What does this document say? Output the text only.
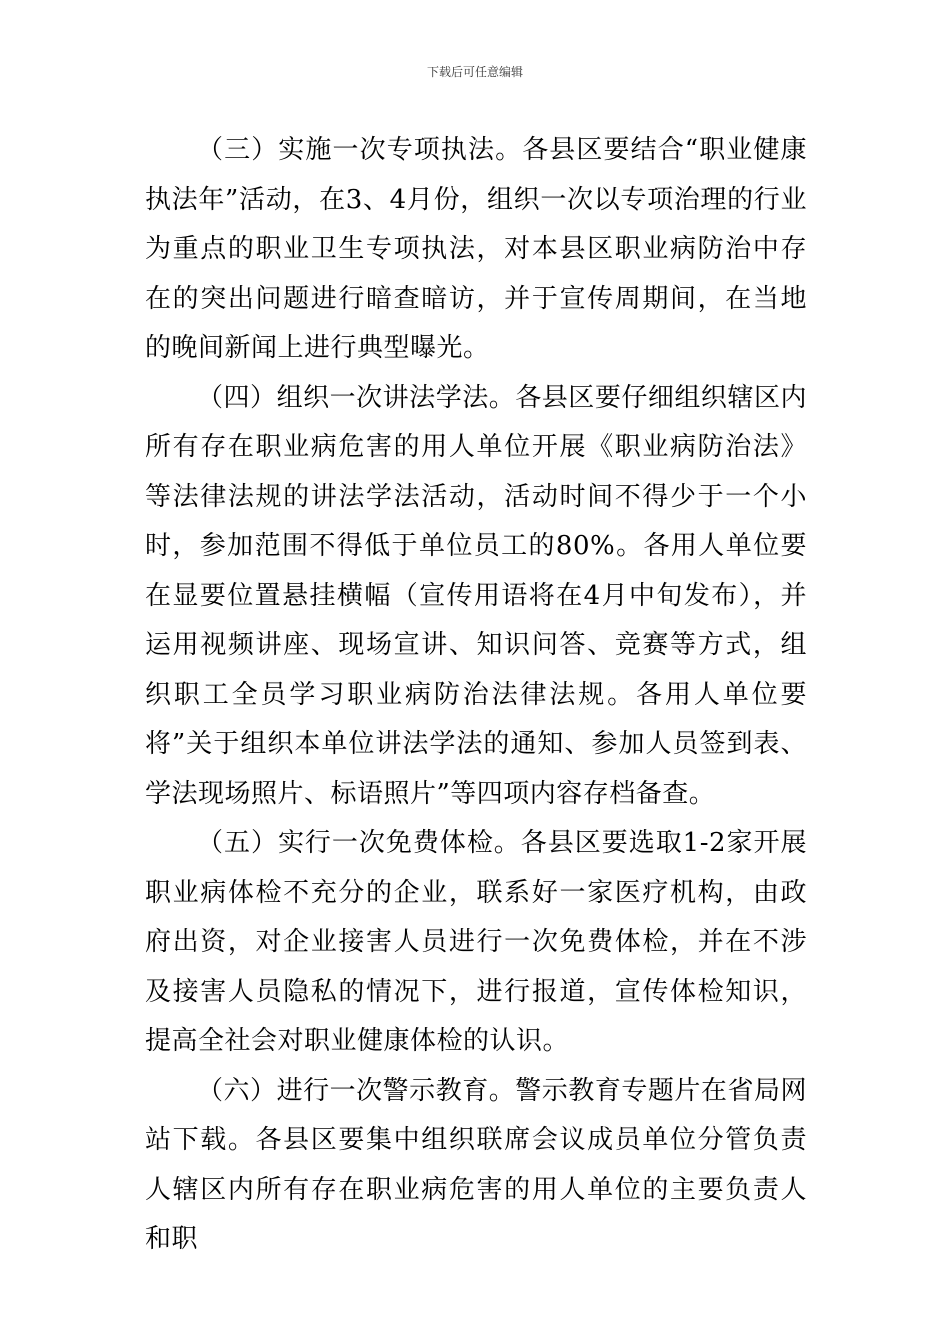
下载后可任意编辑

（三）实施一次专项执法。各县区要结合“职业健康执法年”活动，在3、4月份，组织一次以专项治理的行业为重点的职业卫生专项执法，对本县区职业病防治中存在的突出问题进行暗查暗访，并于宣传周期间，在当地的晚间新闻上进行典型曝光。

（四）组织一次讲法学法。各县区要仔细组织辖区内所有存在职业病危害的用人单位开展《职业病防治法》等法律法规的讲法学法活动，活动时间不得少于一个小时，参加范围不得低于单位员工的80%。各用人单位要在显要位置悬挂横幅（宣传用语将在4月中旬发布），并运用视频讲座、现场宣讲、知识问答、竞赛等方式，组织职工全员学习职业病防治法律法规。各用人单位要将”关于组织本单位讲法学法的通知、参加人员签到表、学法现场照片、标语照片”等四项内容存档备查。

（五）实行一次免费体检。各县区要选取1-2家开展职业病体检不充分的企业，联系好一家医疗机构，由政府出资，对企业接害人员进行一次免费体检，并在不涉及接害人员隐私的情况下，进行报道，宣传体检知识，提高全社会对职业健康体检的认识。

（六）进行一次警示教育。警示教育专题片在省局网站下载。各县区要集中组织联席会议成员单位分管负责人辖区内所有存在职业病危害的用人单位的主要负责人和职
